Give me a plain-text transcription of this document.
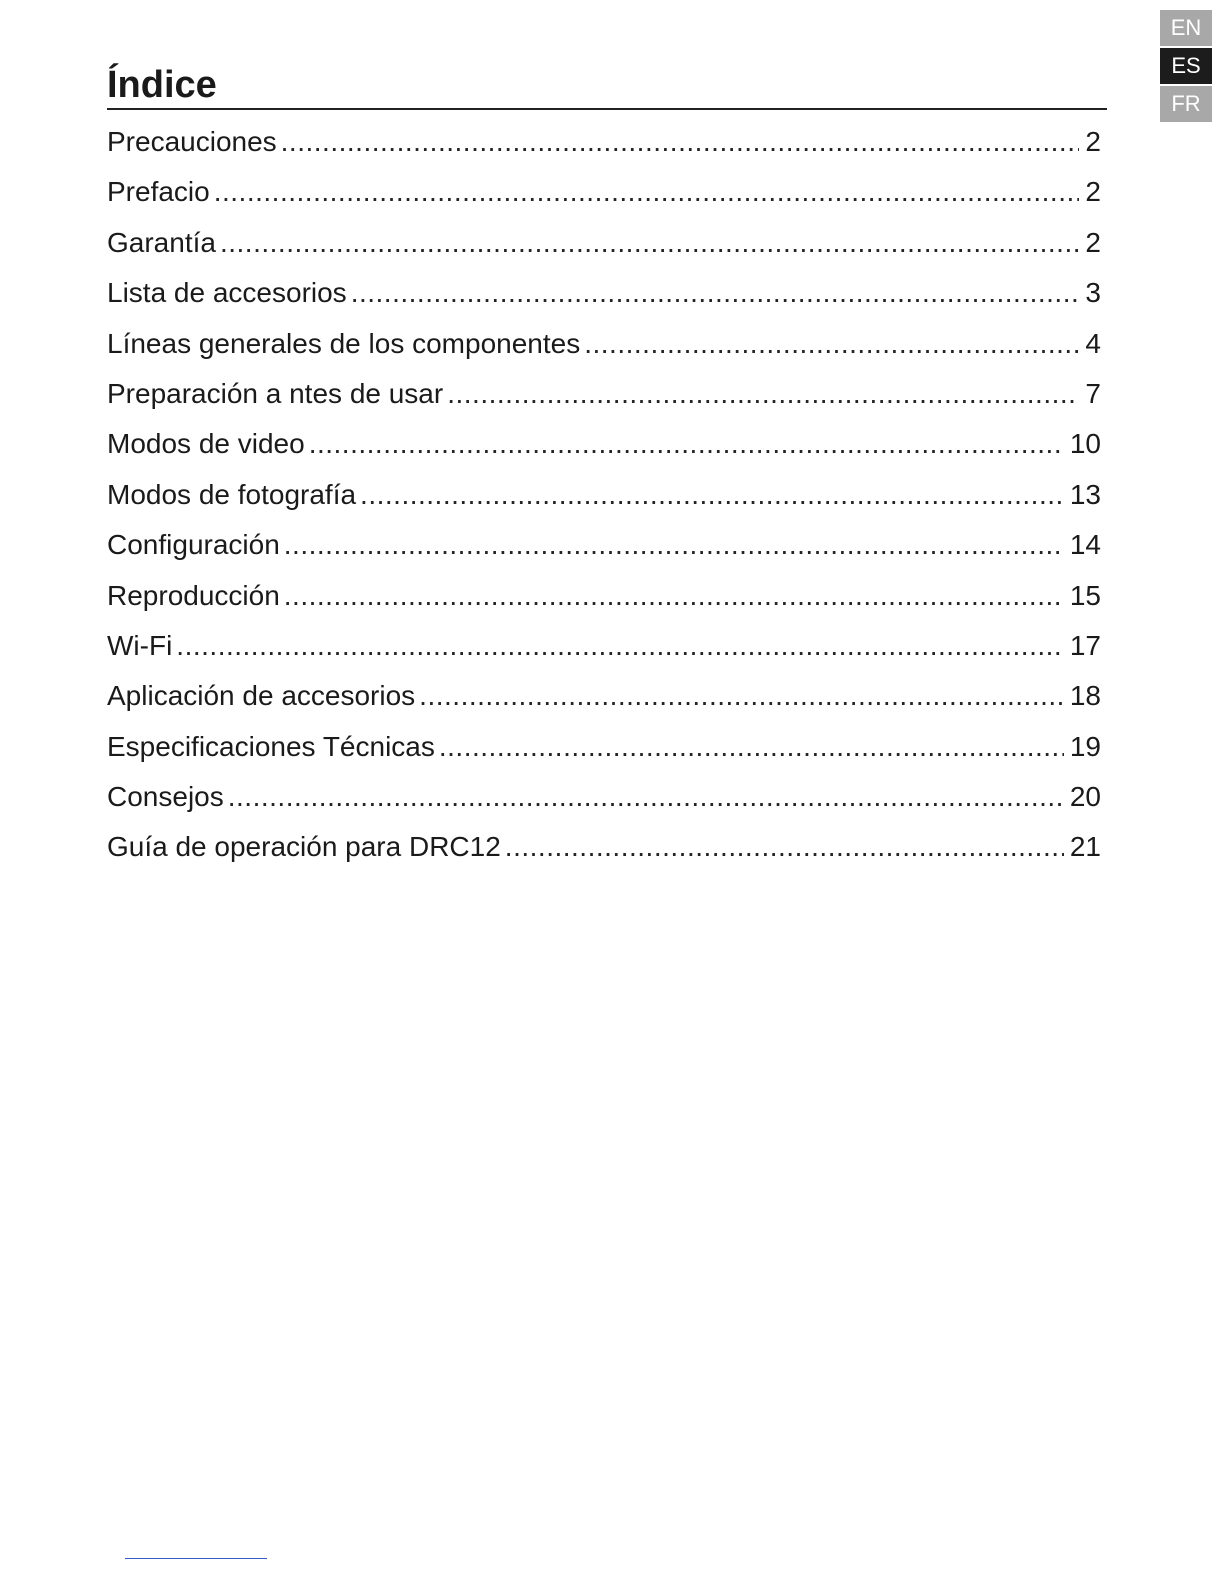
EN
ES
FR
Índice
Precauciones .....	2
Prefacio .....	2
Garantía .....	2
Lista de accesorios .....	3
Líneas generales de los componentes .....	4
Preparación a ntes de usar .....	7
Modos de video .....	10
Modos de fotografía .....	13
Configuración .....	14
Reproducción .....	15
Wi-Fi .....	17
Aplicación de accesorios .....	18
Especificaciones Técnicas .....	19
Consejos .....	20
Guía de operación para DRC12 .....	21
